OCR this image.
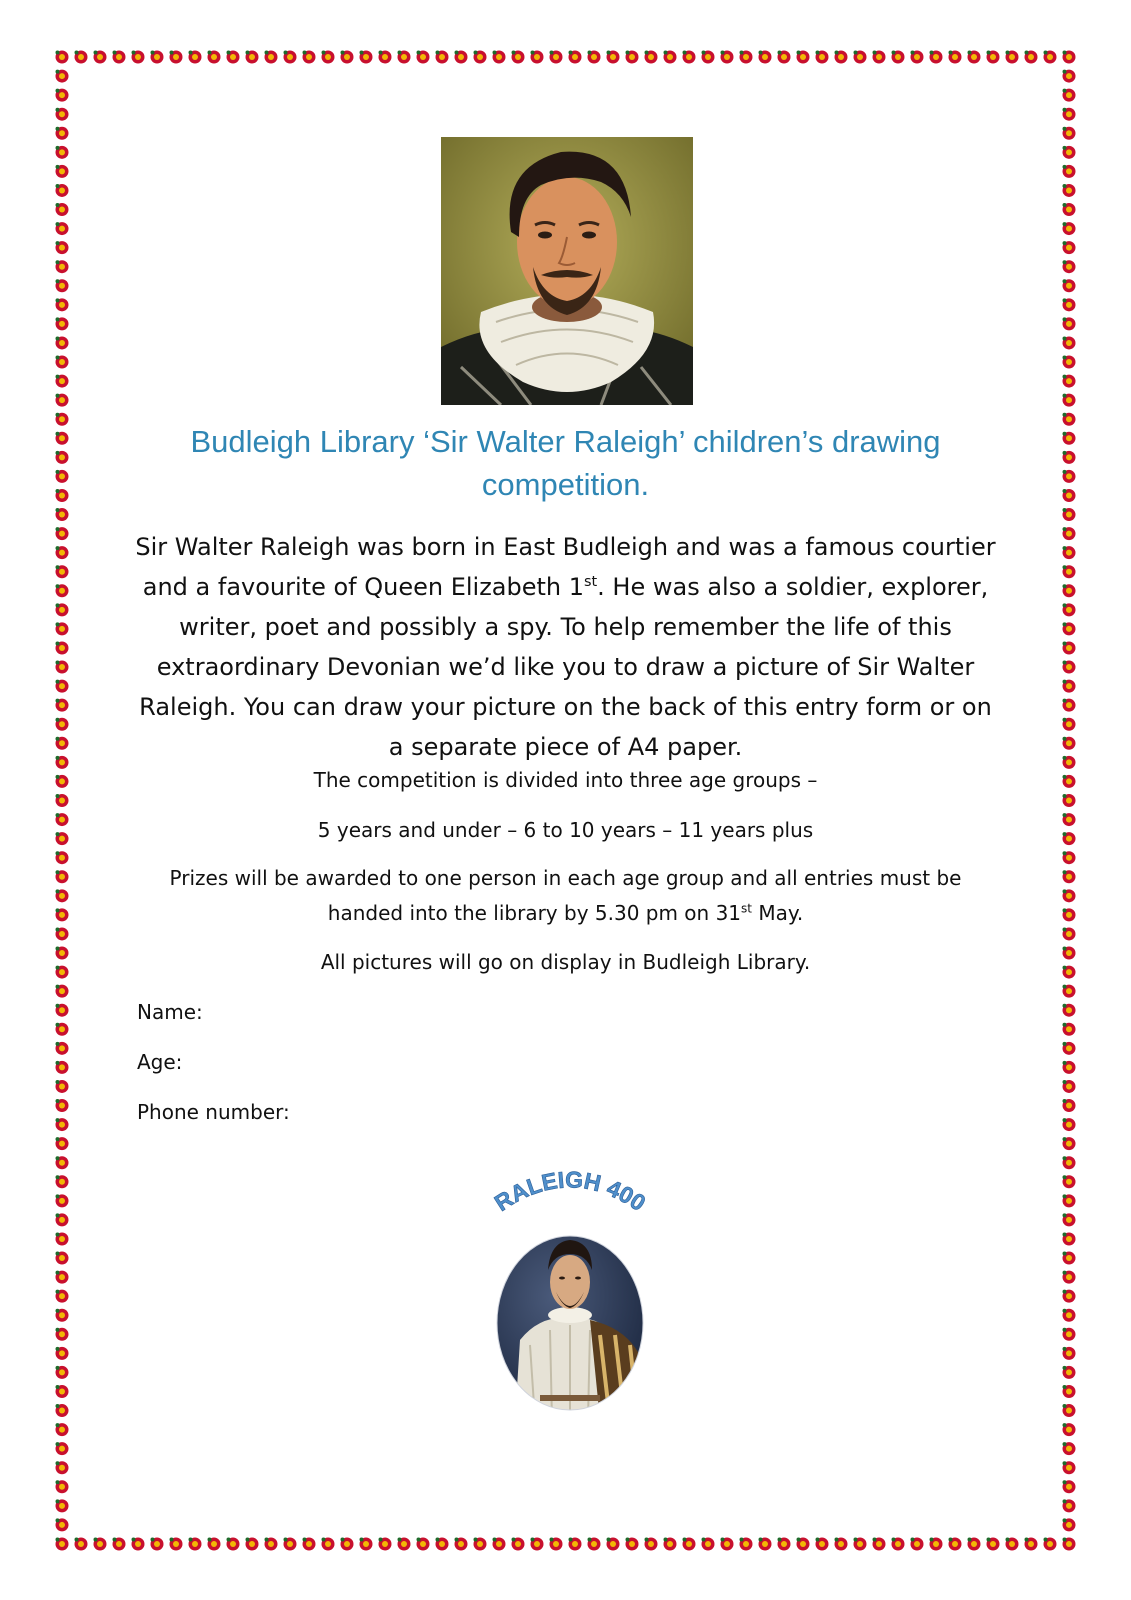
Budleigh Library ‘Sir Walter Raleigh’ children’s drawing competition.
Sir Walter Raleigh was born in East Budleigh and was a famous courtier and a favourite of Queen Elizabeth 1st. He was also a soldier, explorer, writer, poet and possibly a spy. To help remember the life of this extraordinary Devonian we’d like you to draw a picture of Sir Walter Raleigh. You can draw your picture on the back of this entry form or on a separate piece of A4 paper.
The competition is divided into three age groups –
5 years and under – 6 to 10 years – 11 years plus
Prizes will be awarded to one person in each age group and all entries must be handed into the library by 5.30 pm on 31st May.
All pictures will go on display in Budleigh Library.
Name:
Age:
Phone number:
RALEIGH 400
